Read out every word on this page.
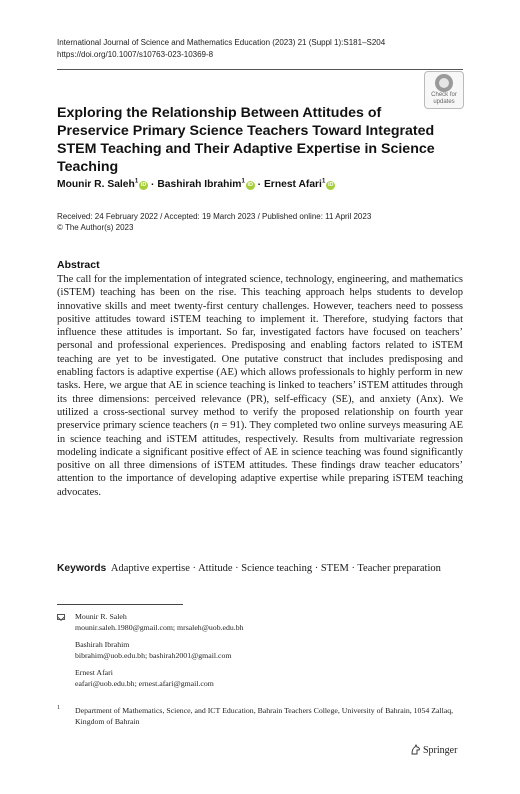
International Journal of Science and Mathematics Education (2023) 21 (Suppl 1):S181–S204
https://doi.org/10.1007/s10763-023-10369-8
Check for
updates
Exploring the Relationship Between Attitudes of Preservice Primary Science Teachers Toward Integrated STEM Teaching and Their Adaptive Expertise in Science Teaching
Mounir R. Saleh$^1$iD · Bashirah Ibrahim$^1$iD · Ernest Afari$^1$iD
Received: 24 February 2022 / Accepted: 19 March 2023 / Published online: 11 April 2023
© The Author(s) 2023
Abstract
The call for the implementation of integrated science, technology, engineering, and mathematics (iSTEM) teaching has been on the rise. This teaching approach helps students to develop innovative skills and meet twenty-first century challenges. However, teachers need to possess positive attitudes toward iSTEM teaching to implement it. Therefore, studying factors that influence these attitudes is important. So far, investigated factors have focused on teachers’ personal and professional experiences. Predisposing and enabling factors related to iSTEM teaching are yet to be investigated. One putative construct that includes predisposing and enabling factors is adaptive expertise (AE) which allows professionals to highly perform in new tasks. Here, we argue that AE in science teaching is linked to teachers’ iSTEM attitudes through its three dimensions: perceived relevance (PR), self-efficacy (SE), and anxiety (Anx). We utilized a cross-sectional survey method to verify the proposed relationship on fourth year preservice primary science teachers (n = 91). They completed two online surveys measuring AE in science teaching and iSTEM attitudes, respectively. Results from multivariate regression modeling indicate a significant positive effect of AE in science teaching was found significantly positive on all three dimensions of iSTEM attitudes. These findings draw teacher educators’ attention to the importance of developing adaptive expertise while preparing iSTEM teaching advocates.
Keywords Adaptive expertise · Attitude · Science teaching · STEM · Teacher preparation
Mounir R. Saleh
mounir.saleh.1980@gmail.com; mrsaleh@uob.edu.bh
Bashirah Ibrahim
bibrahim@uob.edu.bh; bashirah2001@gmail.com
Ernest Afari
eafari@uob.edu.bh; ernest.afari@gmail.com
1	Department of Mathematics, Science, and ICT Education, Bahrain Teachers College, University of Bahrain, 1054 Zallaq, Kingdom of Bahrain
Springer
